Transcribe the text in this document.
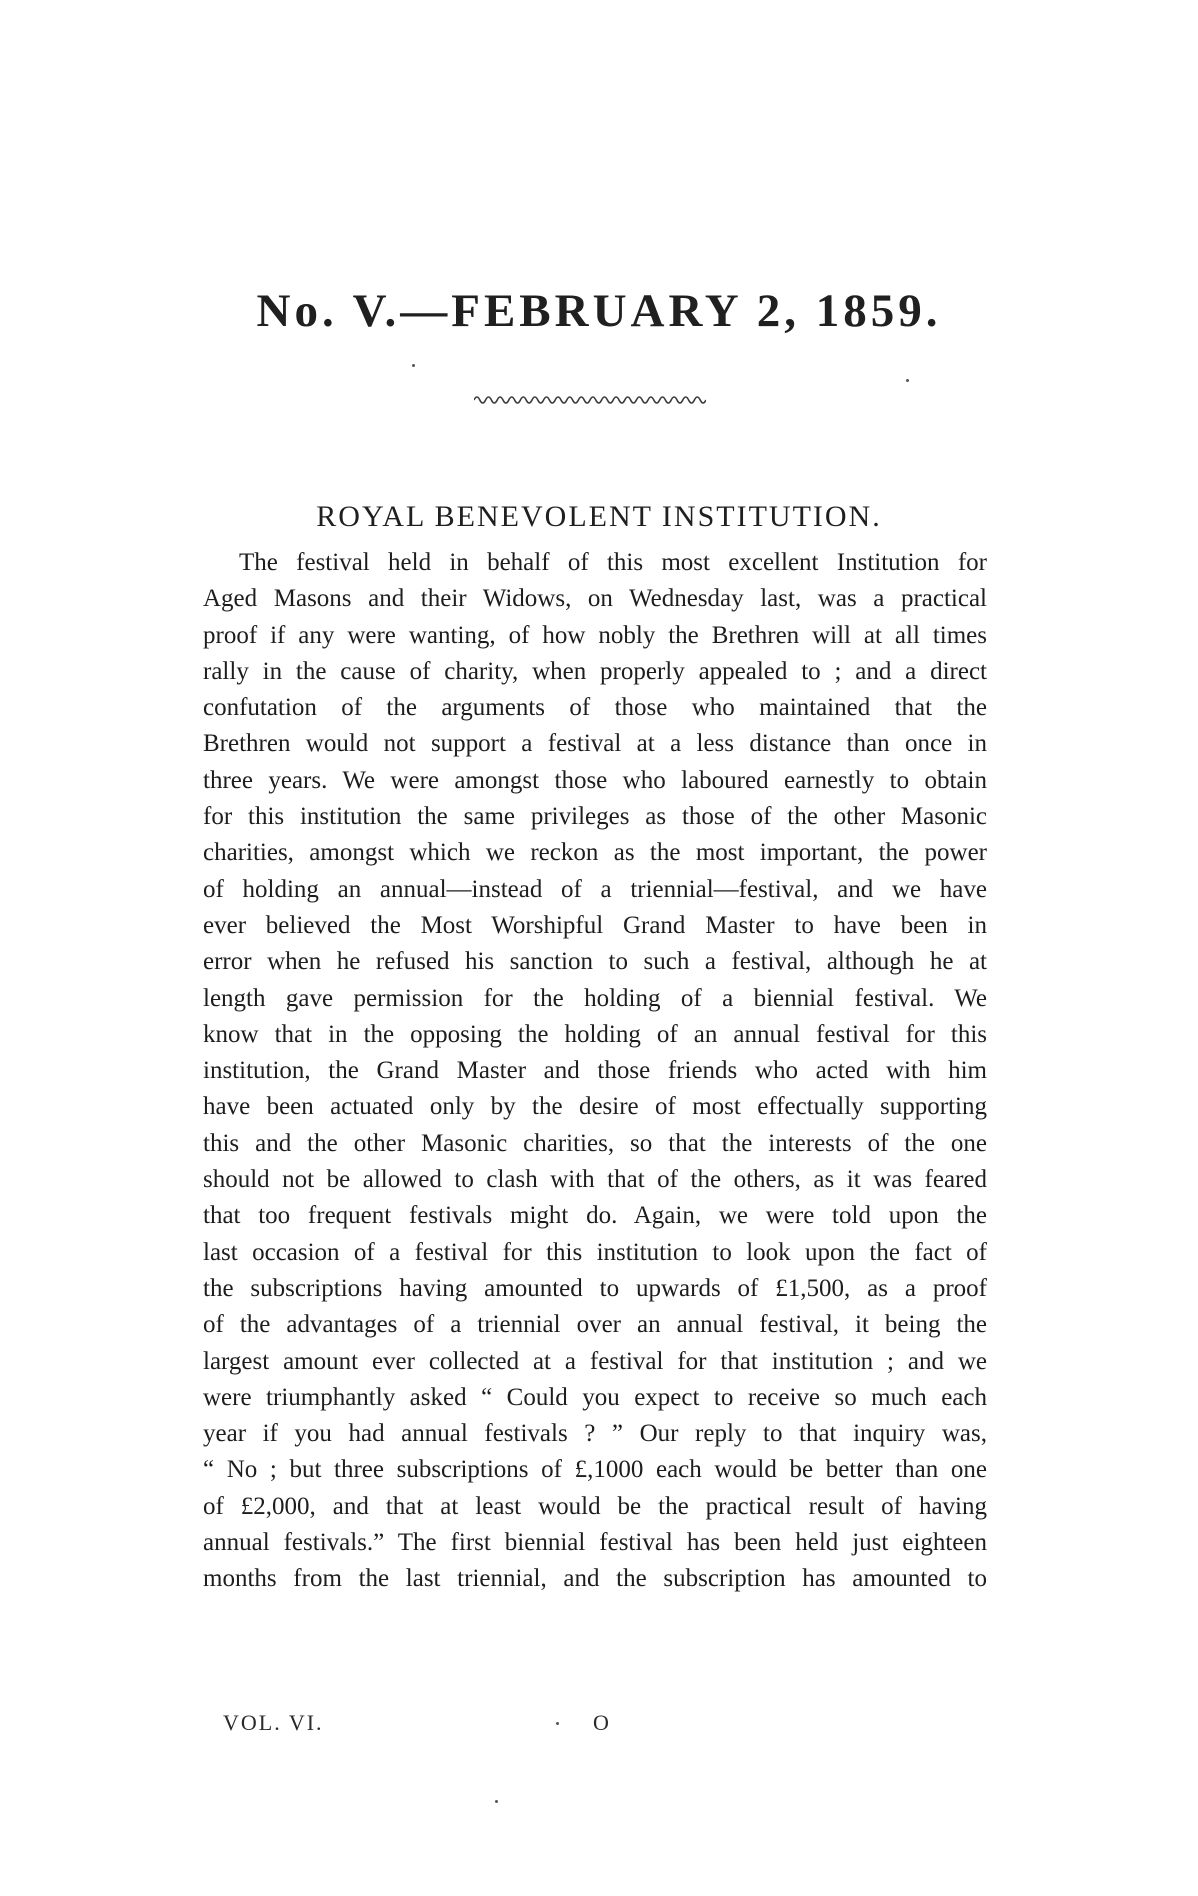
No. V.—FEBRUARY 2, 1859.
ROYAL BENEVOLENT INSTITUTION.
The festival held in behalf of this most excellent Institution for
Aged Masons and their Widows, on Wednesday last, was a practical
proof if any were wanting, of how nobly the Brethren will at all times
rally in the cause of charity, when properly appealed to ; and a direct
confutation of the arguments of those who maintained that the
Brethren would not support a festival at a less distance than once in
three years. We were amongst those who laboured earnestly to obtain
for this institution the same privileges as those of the other Masonic
charities, amongst which we reckon as the most important, the power
of holding an annual—instead of a triennial—festival, and we have
ever believed the Most Worshipful Grand Master to have been in
error when he refused his sanction to such a festival, although he at
length gave permission for the holding of a biennial festival. We
know that in the opposing the holding of an annual festival for this
institution, the Grand Master and those friends who acted with him
have been actuated only by the desire of most effectually supporting
this and the other Masonic charities, so that the interests of the one
should not be allowed to clash with that of the others, as it was feared
that too frequent festivals might do. Again, we were told upon the
last occasion of a festival for this institution to look upon the fact of
the subscriptions having amounted to upwards of £1,500, as a proof
of the advantages of a triennial over an annual festival, it being the
largest amount ever collected at a festival for that institution ; and we
were triumphantly asked “ Could you expect to receive so much each
year if you had annual festivals ? ” Our reply to that inquiry was,
“ No ; but three subscriptions of £,1000 each would be better than one
of £2,000, and that at least would be the practical result of having
annual festivals.” The first biennial festival has been held just eighteen
months from the last triennial, and the subscription has amounted to
VOL. VI.	O
